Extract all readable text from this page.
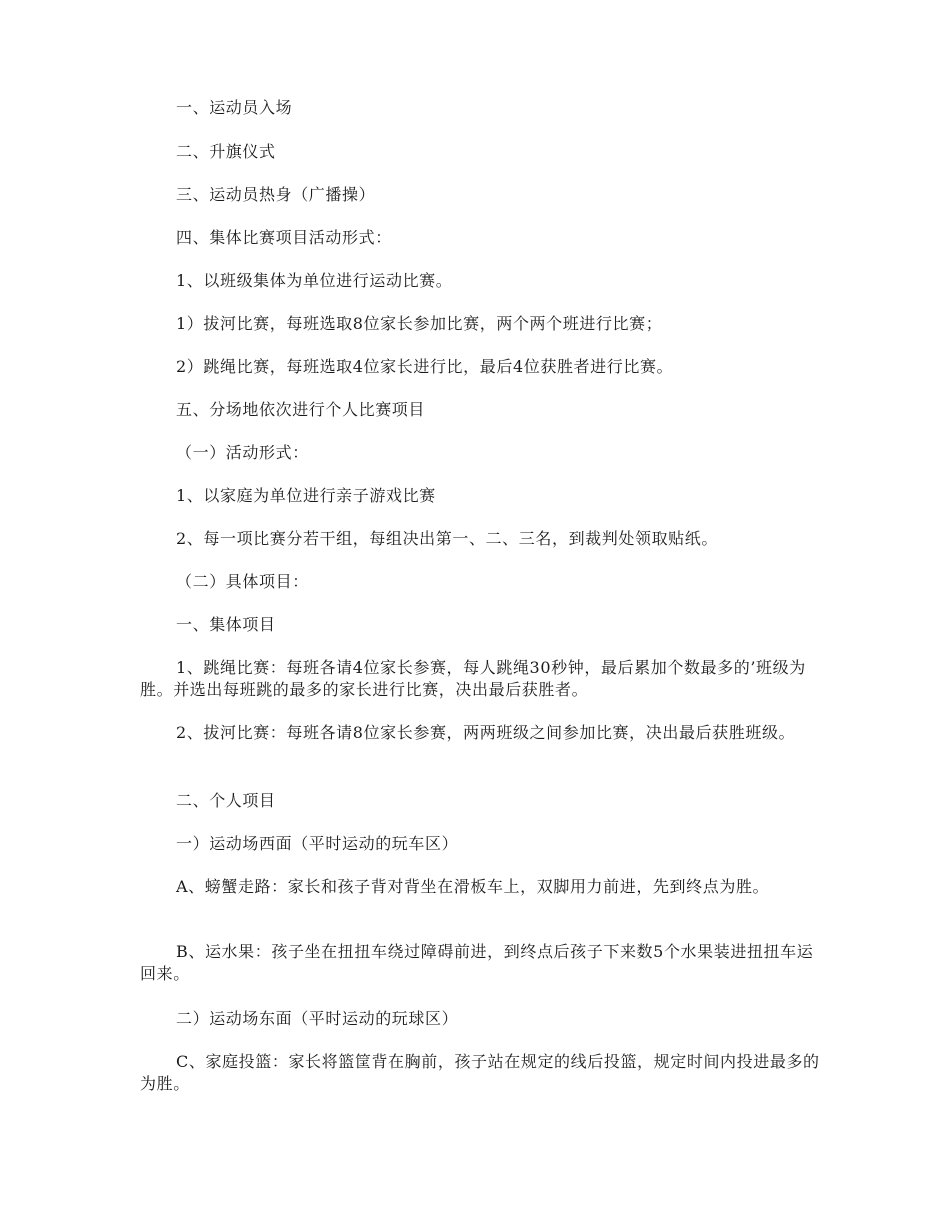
一、运动员入场

二、升旗仪式

三、运动员热身（广播操）

四、集体比赛项目活动形式：

1、以班级集体为单位进行运动比赛。

1）拔河比赛，每班选取8位家长参加比赛，两个两个班进行比赛；

2）跳绳比赛，每班选取4位家长进行比，最后4位获胜者进行比赛。

五、分场地依次进行个人比赛项目

（一）活动形式：

1、以家庭为单位进行亲子游戏比赛

2、每一项比赛分若干组，每组决出第一、二、三名，到裁判处领取贴纸。

（二）具体项目：

一、集体项目

1、跳绳比赛：每班各请4位家长参赛，每人跳绳30秒钟，最后累加个数最多的’班级为胜。并选出每班跳的最多的家长进行比赛，决出最后获胜者。

2、拔河比赛：每班各请8位家长参赛，两两班级之间参加比赛，决出最后获胜班级。

二、个人项目

一）运动场西面（平时运动的玩车区）

A、螃蟹走路：家长和孩子背对背坐在滑板车上，双脚用力前进，先到终点为胜。

B、运水果：孩子坐在扭扭车绕过障碍前进，到终点后孩子下来数5个水果装进扭扭车运回来。

二）运动场东面（平时运动的玩球区）

C、家庭投篮：家长将篮筐背在胸前，孩子站在规定的线后投篮，规定时间内投进最多的为胜。
